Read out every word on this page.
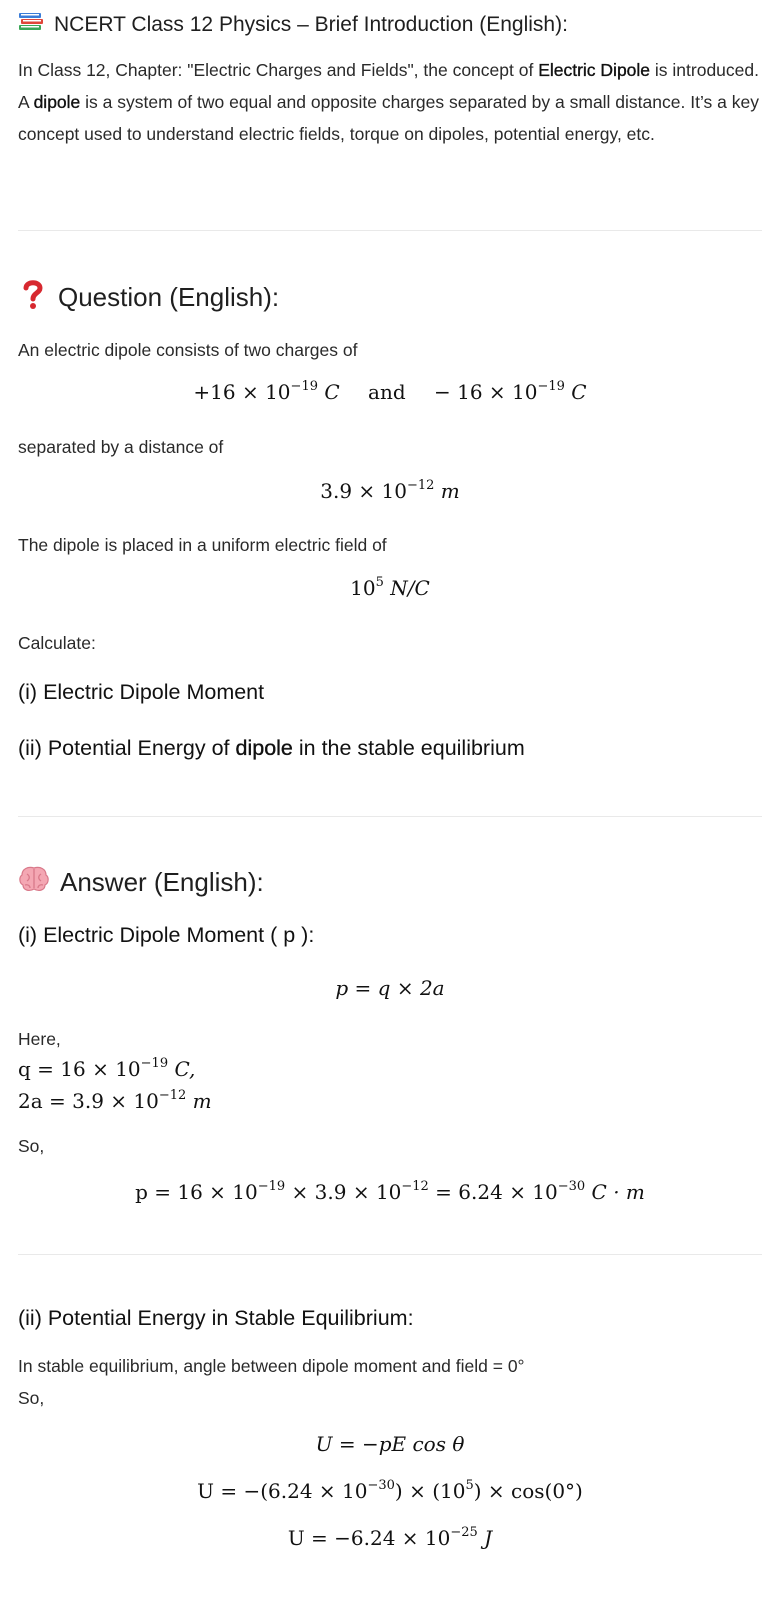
NCERT Class 12 Physics – Brief Introduction (English):

In Class 12, Chapter: "Electric Charges and Fields", the concept of Electric Dipole is introduced. A dipole is a system of two equal and opposite charges separated by a small distance. It’s a key concept used to understand electric fields, torque on dipoles, potential energy, etc.

Question (English):

An electric dipole consists of two charges of

$+16 \times 10^{-19}$ C and − $16 \times 10^{-19}$ C

separated by a distance of

$3.9 \times 10^{-12}$ m

The dipole is placed in a uniform electric field of

$10^5$ N/C

Calculate:

(i) Electric Dipole Moment
(ii) Potential Energy of dipole in the stable equilibrium
Answer (English):
(i) Electric Dipole Moment ( p ):
p = q × 2a

Here,

$q = 16 \times 10^{-19}$ C,
$2a = 3.9 \times 10^{-12}$ m

So,

$p = 16 \times 10^{-19} \times 3.9 \times 10^{-12} = 6.24 \times 10^{-30}$ C · m
(ii) Potential Energy in Stable Equilibrium:

In stable equilibrium, angle between dipole moment and field = 0°

So,

U = −pE cos θ
$U = -(6.24 \times 10^{-30}) \times (10^5) \times \cos(0^\circ)$
$U = -6.24 \times 10^{-25}$ J
